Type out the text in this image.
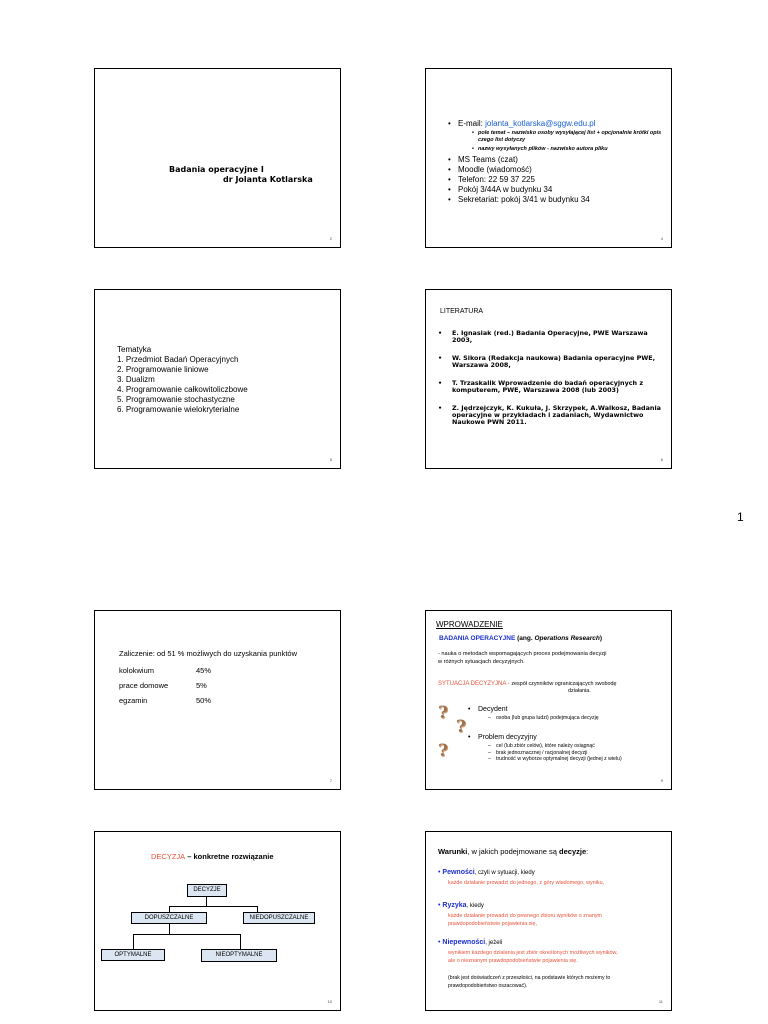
Badania operacyjne I
dr Jolanta Kotlarska
2
• E-mail: jolanta_kotlarska@sggw.edu.pl
• pole temat – nazwisko osoby wysyłającej list + opcjonalnie krótki opis czego list dotyczy
• nazwy wysyłanych plików - nazwisko autora pliku
• MS Teams (czat)
• Moodle (wiadomość)
• Telefon: 22 59 37 225
• Pokój 3/44A w budynku 34
• Sekretariat: pokój 3/41 w budynku 34
4
Tematyka
1. Przedmiot Badań Operacyjnych
2. Programowanie liniowe
3. Dualizm
4. Programowanie całkowitoliczbowe
5. Programowanie stochastyczne
6. Programowanie wielokryterialne
5
LITERATURA
• E. Ignasiak (red.) Badania Operacyjne, PWE Warszawa 2003,
• W. Sikora (Redakcja naukowa) Badania operacyjne PWE, Warszawa 2008,
• T. Trzaskalik Wprowadzenie do badań operacyjnych z komputerem, PWE, Warszawa 2008 (lub 2003)
• Z. Jędrzejczyk, K. Kukuła, J. Skrzypek, A.Walkosz, Badania operacyjne w przykładach i zadaniach, Wydawnictwo Naukowe PWN 2011.
6
1
Zaliczenie: od 51 % możliwych do uzyskania punktów
kolokwium	45%
prace domowe	5%
egzamin	50%
7
WPROWADZENIE
BADANIA OPERACYJNE (ang. Operations Research)
- nauka o metodach wspomagających proces podejmowania decyzji
w różnych sytuacjach decyzyjnych.
SYTUACJA DECYZYJNA - zespół czynników ograniczających swobodę
działania.
?
?
?
• Decydent
– osoba (lub grupa ludzi) podejmująca decyzję
• Problem decyzyjny
– cel (lub zbiór celów), które należy osiągnąć
– brak jednoznacznej / racjonalnej decyzji
– trudność w wyborze optymalnej decyzji (jednej z wielu)
9
DECYZJA – konkretne rozwiązanie
DECYZJE
DOPUSZCZALNE	NIEDOPUSZCZALNE
OPTYMALNE	NIEOPTYMALNE
10
Warunki, w jakich podejmowane są decyzje:
• Pewności, czyli w sytuacji, kiedy
każde działanie prowadzi do jednego, z góry wiadomego, wyniku,
• Ryzyka, kiedy
każde działanie prowadzi do pewnego zbioru wyników o znanym
prawdopodobieństwie pojawienia się,
• Niepewności, jeżeli
wynikiem każdego działania jest zbiór określonych możliwych wyników,
ale o nieznanym prawdopodobieństwie pojawienia się.
(brak jest doświadczeń z przeszłości, na podstawie których możemy to
prawdopodobieństwo oszacować).
11
